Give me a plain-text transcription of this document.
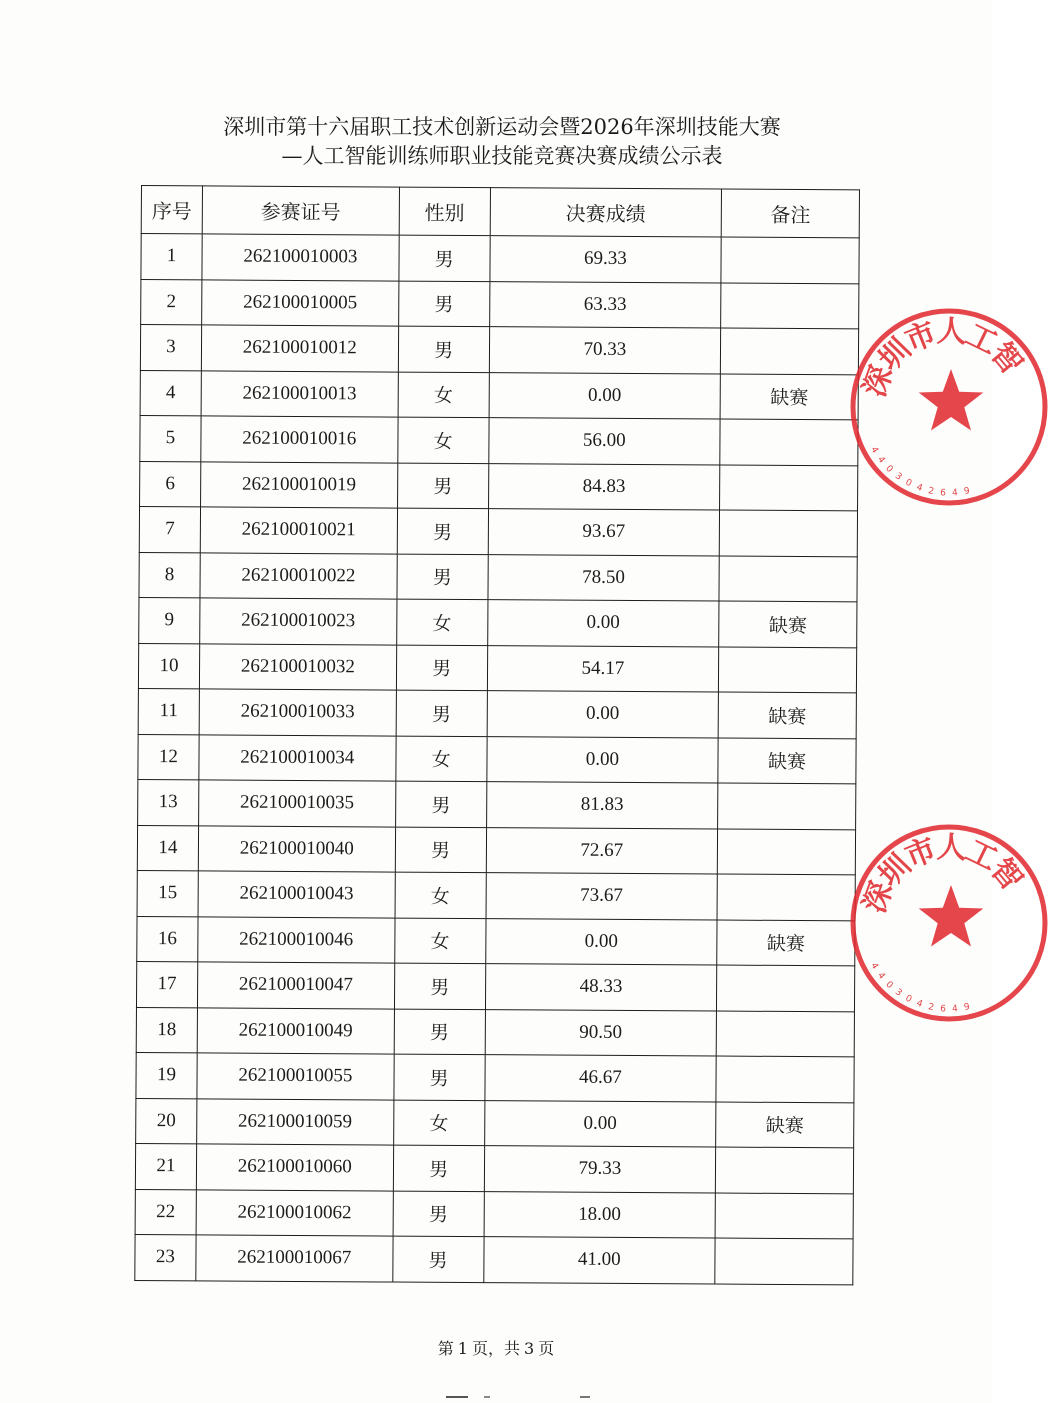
深圳市第十六届职工技术创新运动会暨2026年深圳技能大赛
—人工智能训练师职业技能竞赛决赛成绩公示表
序号	参赛证号	性别	决赛成绩	备注
1	262100010003	男	69.33	
2	262100010005	男	63.33	
3	262100010012	男	70.33	
4	262100010013	女	0.00	缺赛
5	262100010016	女	56.00	
6	262100010019	男	84.83	
7	262100010021	男	93.67	
8	262100010022	男	78.50	
9	262100010023	女	0.00	缺赛
10	262100010032	男	54.17	
11	262100010033	男	0.00	缺赛
12	262100010034	女	0.00	缺赛
13	262100010035	男	81.83	
14	262100010040	男	72.67	
15	262100010043	女	73.67	
16	262100010046	女	0.00	缺赛
17	262100010047	男	48.33	
18	262100010049	男	90.50	
19	262100010055	男	46.67	
20	262100010059	女	0.00	缺赛
21	262100010060	男	79.33	
22	262100010062	男	18.00	
23	262100010067	男	41.00	
第 1 页，共 3 页
深
圳
市
人
工
智
4
4
0
3
0 4 2 6 4 9
深
圳
市
人
工
智
4
4
0
3
0 4 2 6 4 9
